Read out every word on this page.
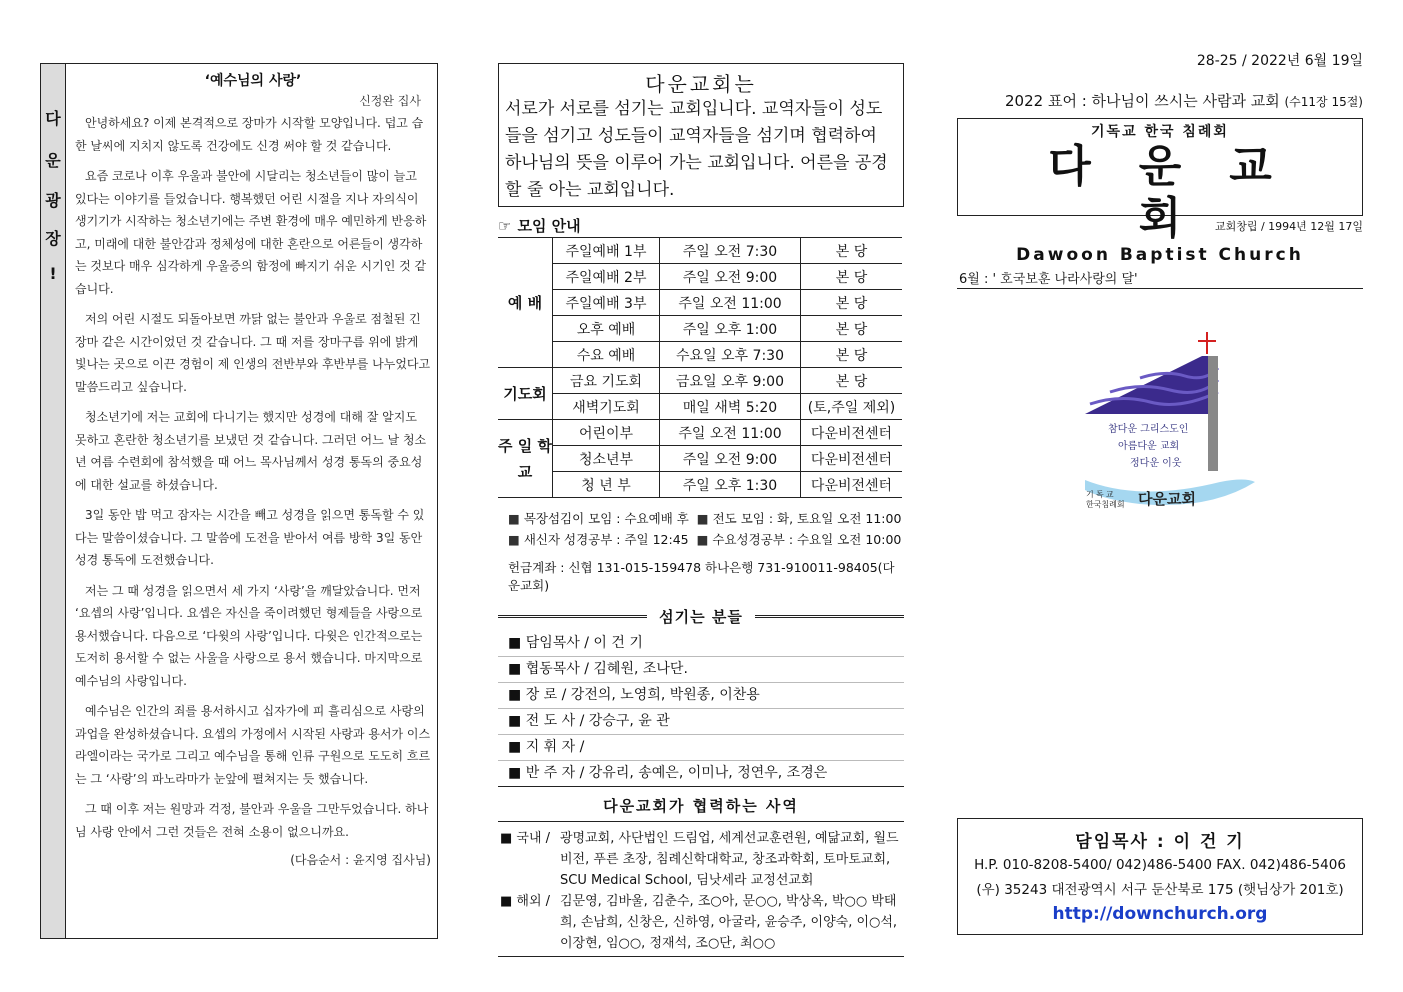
다
운
광
장
!
‘예수님의 사랑’
신정완 집사

안녕하세요? 이제 본격적으로 장마가 시작할 모양입니다. 덥고 습한 날씨에 지치지 않도록 건강에도 신경 써야 할 것 같습니다.

요즘 코로나 이후 우울과 불안에 시달리는 청소년들이 많이 늘고 있다는 이야기를 들었습니다. 행복했던 어린 시절을 지나 자의식이 생기기가 시작하는 청소년기에는 주변 환경에 매우 예민하게 반응하고, 미래에 대한 불안감과 정체성에 대한 혼란으로 어른들이 생각하는 것보다 매우 심각하게 우울증의 함정에 빠지기 쉬운 시기인 것 같습니다.

저의 어린 시절도 되돌아보면 까닭 없는 불안과 우울로 점철된 긴 장마 같은 시간이었던 것 같습니다. 그 때 저를 장마구름 위에 밝게 빛나는 곳으로 이끈 경험이 제 인생의 전반부와 후반부를 나누었다고 말씀드리고 싶습니다.

청소년기에 저는 교회에 다니기는 했지만 성경에 대해 잘 알지도 못하고 혼란한 청소년기를 보냈던 것 같습니다. 그러던 어느 날 청소년 여름 수련회에 참석했을 때 어느 목사님께서 성경 통독의 중요성에 대한 설교를 하셨습니다.

3일 동안 밥 먹고 잠자는 시간을 빼고 성경을 읽으면 통독할 수 있다는 말씀이셨습니다. 그 말씀에 도전을 받아서 여름 방학 3일 동안 성경 통독에 도전했습니다.

저는 그 때 성경을 읽으면서 세 가지 ‘사랑’을 깨달았습니다. 먼저 ‘요셉의 사랑’입니다. 요셉은 자신을 죽이려했던 형제들을 사랑으로 용서했습니다. 다음으로 ‘다윗의 사랑’입니다. 다윗은 인간적으로는 도저히 용서할 수 없는 사울을 사랑으로 용서 했습니다. 마지막으로 예수님의 사랑입니다.

예수님은 인간의 죄를 용서하시고 십자가에 피 흘리심으로 사랑의 과업을 완성하셨습니다. 요셉의 가정에서 시작된 사랑과 용서가 이스라엘이라는 국가로 그리고 예수님을 통해 인류 구원으로 도도히 흐르는 그 ‘사랑’의 파노라마가 눈앞에 펼쳐지는 듯 했습니다.

그 때 이후 저는 원망과 걱정, 불안과 우울을 그만두었습니다. 하나님 사랑 안에서 그런 것들은 전혀 소용이 없으니까요.

(다음순서 : 윤지영 집사님)
다운교회는

서로가 서로를 섬기는 교회입니다. 교역자들이 성도들을 섬기고 성도들이 교역자들을 섬기며 협력하여 하나님의 뜻을 이루어 가는 교회입니다. 어른을 공경할 줄 아는 교회입니다.

☞ 모임 안내
예 배	주일예배 1부	주일 오전 7:30	본 당
	주일예배 2부	주일 오전 9:00	본 당
	주일예배 3부	주일 오전 11:00	본 당
	오후 예배	주일 오후 1:00	본 당
	수요 예배	수요일 오후 7:30	본 당
기도회	금요 기도회	금요일 오후 9:00	본 당
	새벽기도회	매일 새벽 5:20	(토,주일 제외)
주 일 학 교	어린이부	주일 오전 11:00	다운비전센터
	청소년부	주일 오전 9:00	다운비전센터
	청 년 부	주일 오후 1:30	다운비전센터
■ 목장섬김이 모임 : 수요예배 후 ■ 전도 모임 : 화, 토요일 오전 11:00
■ 새신자 성경공부 : 주일 12:45 ■ 수요성경공부 : 수요일 오전 10:00
헌금계좌 : 신협 131-015-159478 하나은행 731-910011-98405(다운교회)
섬기는 분들
■ 담임목사 / 이 건 기
■ 협동목사 / 김혜원, 조나단.
■ 장 로 / 강전의, 노영희, 박원종, 이찬용
■ 전 도 사 / 강승구, 윤 관
■ 지 휘 자 /
■ 반 주 자 / 강유리, 송예은, 이미나, 정연우, 조경은
다운교회가 협력하는 사역
■ 국내 / 광명교회, 사단법인 드림업, 세계선교훈련원, 예닮교회, 월드비전, 푸른 초장, 침례신학대학교, 창조과학회, 토마토교회, SCU Medical School, 딤낫세라 교정선교회
■ 해외 / 김문영, 김바울, 김춘수, 조○아, 문○○, 박상옥, 박○○ 박태희, 손남희, 신창은, 신하영, 아굴라, 윤승주, 이양숙, 이○석, 이장현, 임○○, 정재석, 조○단, 최○○
28-25 / 2022년 6월 19일
2022 표어 : 하나님이 쓰시는 사람과 교회 (수11장 15절)
기독교 한국 침례회
다운교회
Dawoon Baptist Church
교회창립 / 1994년 12월 17일
6월 : ' 호국보훈 나라사랑의 달'
참다운 그리스도인
아름다운 교회
정다운 이웃
기 독 교
한국침례회 다운교회
담임목사 : 이 건 기
H.P. 010-8208-5400/ 042)486-5400 FAX. 042)486-5406
(우) 35243 대전광역시 서구 둔산북로 175 (햇님상가 201호)
http://downchurch.org
